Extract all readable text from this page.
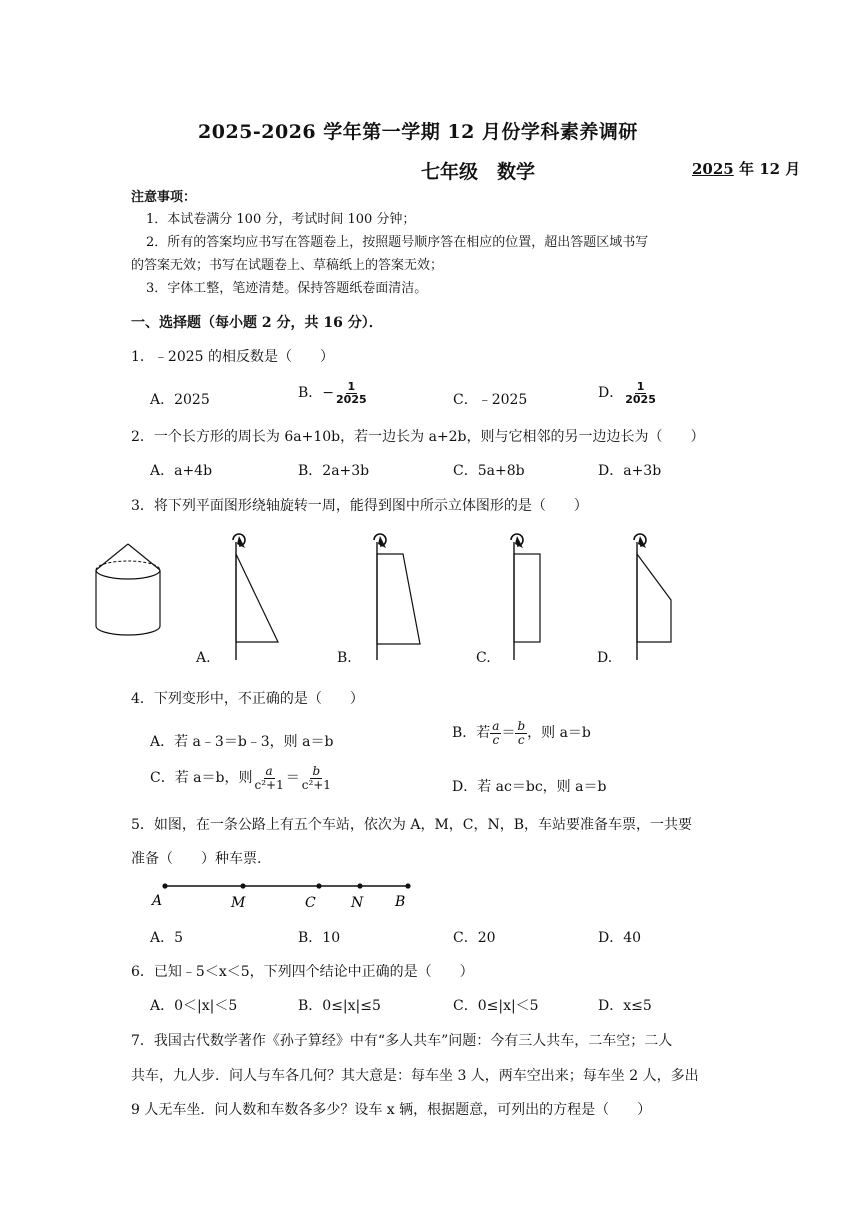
2025-2026 学年第一学期 12 月份学科素养调研
七年级　数学	2025 年 12 月
注意事项：
1．本试卷满分 100 分，考试时间 100 分钟；
2．所有的答案均应书写在答题卷上，按照题号顺序答在相应的位置，超出答题区域书写
的答案无效；书写在试题卷上、草稿纸上的答案无效；
3．字体工整，笔迹清楚。保持答题纸卷面清洁。
一、选择题（每小题 2 分，共 16 分）．
1．﹣2025 的相反数是（　　）
A．2025	B．− $\frac{1}{2025}$	C．﹣2025	D． $\frac{1}{2025}$
2．一个长方形的周长为 6a+10b，若一边长为 a+2b，则与它相邻的另一边边长为（　　）
A．a+4b	B．2a+3b	C．5a+8b	D．a+3b
3．将下列平面图形绕轴旋转一周，能得到图中所示立体图形的是（　　）
A.	B.	C.	D.
4．下列变形中，不正确的是（　　）
A．若 a﹣3＝b﹣3，则 a＝b
B．若 $\frac{a}{c} = \frac{b}{c}$ ，则 a＝b
C．若 a＝b，则 $\frac{a}{\text{c²+1}} = \frac{b}{\text{c²+1}}$	D．若 ac＝bc，则 a＝b
5．如图，在一条公路上有五个车站，依次为 A，M，C，N，B，车站要准备车票，一共要
准备（　　）种车票.
A	M	C	N B
A．5	B．10	C．20	D．40
6．已知﹣5＜x＜5，下列四个结论中正确的是（　　）
A．0＜|x|＜5	B．0≤|x|≤5	C．0≤|x|＜5	D．x≤5
7．我国古代数学著作《孙子算经》中有“多人共车”问题：今有三人共车，二车空；二人
共车，九人步．问人与车各几何？其大意是：每车坐 3 人，两车空出来；每车坐 2 人，多出
9 人无车坐．问人数和车数各多少？设车 x 辆，根据题意，可列出的方程是（　　）
